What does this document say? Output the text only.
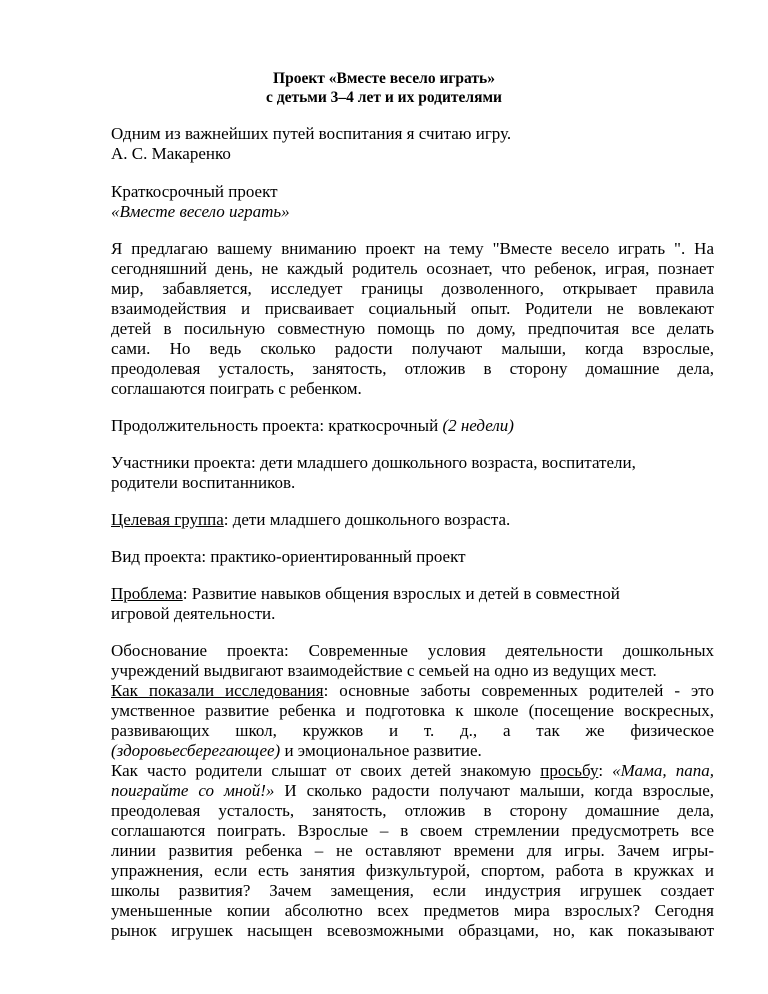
Проект «Вместе весело играть»
с детьми 3–4 лет и их родителями
Одним из важнейших путей воспитания я считаю игру.
А. С. Макаренко
Краткосрочный проект
«Вместе весело играть»
Я предлагаю вашему вниманию проект на тему "Вместе весело играть ". На
сегодняшний день, не каждый родитель осознает, что ребенок, играя, познает
мир, забавляется, исследует границы дозволенного, открывает правила
взаимодействия и присваивает социальный опыт. Родители не вовлекают
детей в посильную совместную помощь по дому, предпочитая все делать
сами. Но ведь сколько радости получают малыши, когда взрослые,
преодолевая усталость, занятость, отложив в сторону домашние дела,
соглашаются поиграть с ребенком.
Продолжительность проекта: краткосрочный (2 недели)
Участники проекта: дети младшего дошкольного возраста, воспитатели,
родители воспитанников.
Целевая группа: дети младшего дошкольного возраста.
Вид проекта: практико-ориентированный проект
Проблема: Развитие навыков общения взрослых и детей в совместной
игровой деятельности.
Обоснование проекта: Современные условия деятельности дошкольных
учреждений выдвигают взаимодействие с семьей на одно из ведущих мест.
Как показали исследования: основные заботы современных родителей - это
умственное развитие ребенка и подготовка к школе (посещение воскресных,
развивающих школ, кружков и т. д., а так же физическое
(здоровьесберегающее) и эмоциональное развитие.
Как часто родители слышат от своих детей знакомую просьбу: «Мама, папа,
поиграйте со мной!» И сколько радости получают малыши, когда взрослые,
преодолевая усталость, занятость, отложив в сторону домашние дела,
соглашаются поиграть. Взрослые – в своем стремлении предусмотреть все
линии развития ребенка – не оставляют времени для игры. Зачем игры-
упражнения, если есть занятия физкультурой, спортом, работа в кружках и
школы развития? Зачем замещения, если индустрия игрушек создает
уменьшенные копии абсолютно всех предметов мира взрослых? Сегодня
рынок игрушек насыщен всевозможными образцами, но, как показывают
